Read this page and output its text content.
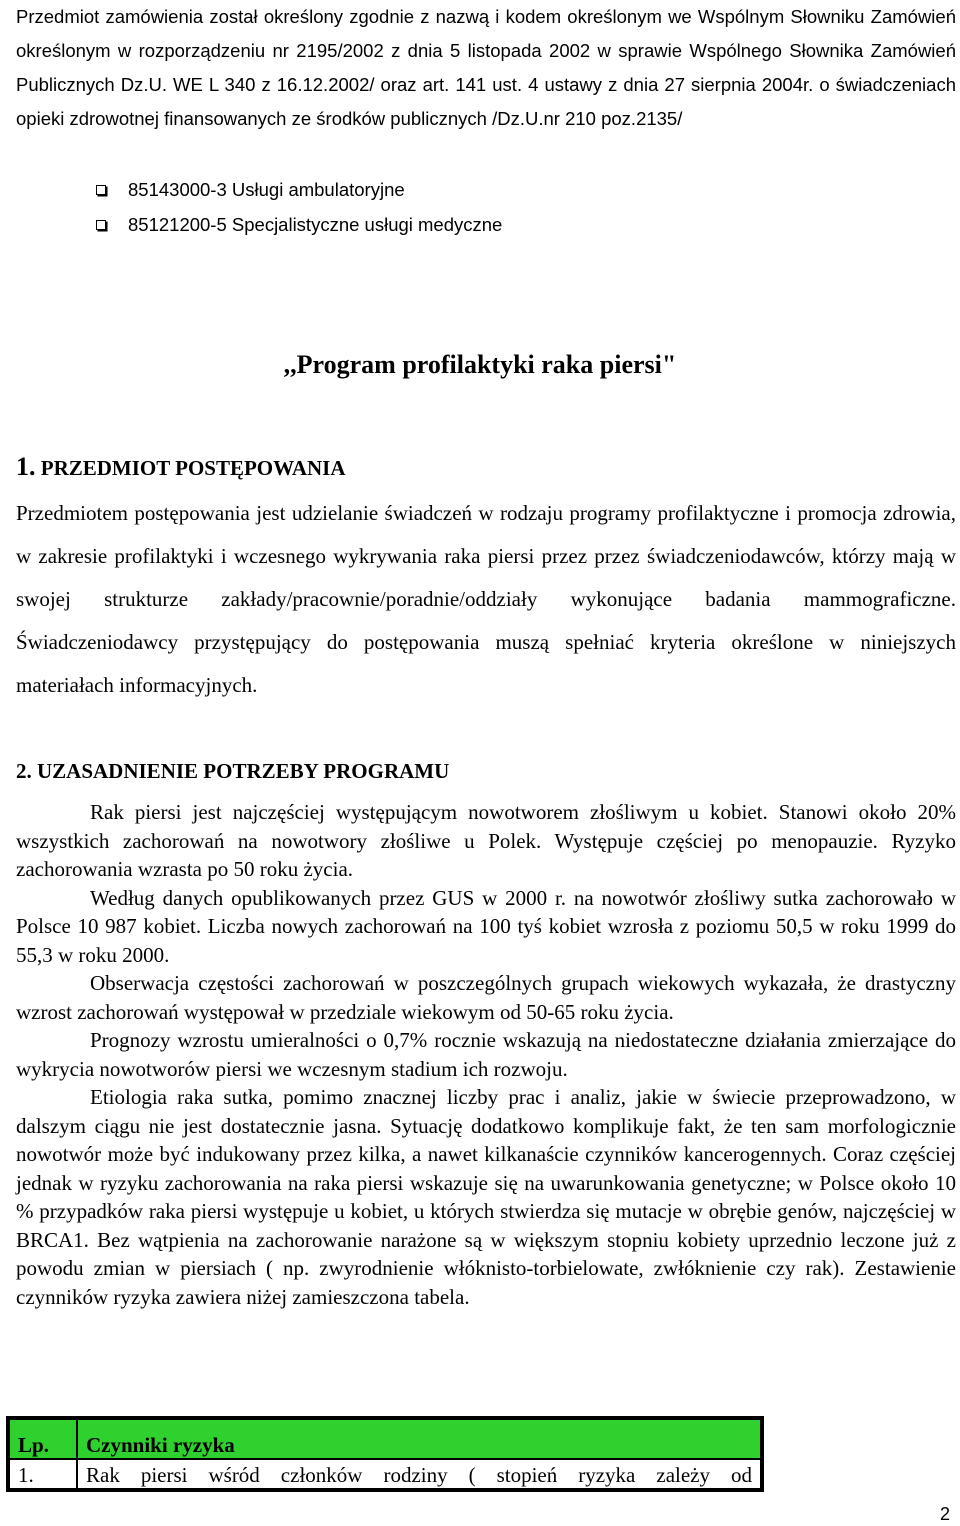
Przedmiot zamówienia został określony zgodnie z nazwą i kodem określonym we Wspólnym Słowniku Zamówień określonym w rozporządzeniu nr 2195/2002 z dnia 5 listopada 2002 w sprawie Wspólnego Słownika Zamówień Publicznych Dz.U. WE L 340 z 16.12.2002/ oraz art. 141 ust. 4 ustawy z dnia 27 sierpnia 2004r. o świadczeniach opieki zdrowotnej finansowanych ze środków publicznych /Dz.U.nr 210 poz.2135/

85143000-3 Usługi ambulatoryjne
85121200-5 Specjalistyczne usługi medyczne
,,Program profilaktyki raka piersi"
1. PRZEDMIOT POSTĘPOWANIA

Przedmiotem postępowania jest udzielanie świadczeń w rodzaju programy profilaktyczne i promocja zdrowia, w zakresie profilaktyki i wczesnego wykrywania raka piersi przez przez świadczeniodawców, którzy mają w swojej strukturze zakłady/pracownie/poradnie/oddziały wykonujące badania mammograficzne. Świadczeniodawcy przystępujący do postępowania muszą spełniać kryteria określone w niniejszych materiałach informacyjnych.

2. UZASADNIENIE POTRZEBY PROGRAMU

Rak piersi jest najczęściej występującym nowotworem złośliwym u kobiet. Stanowi około 20% wszystkich zachorowań na nowotwory złośliwe u Polek. Występuje częściej po menopauzie. Ryzyko zachorowania wzrasta po 50 roku życia.

Według danych opublikowanych przez GUS w 2000 r. na nowotwór złośliwy sutka zachorowało w Polsce 10 987 kobiet. Liczba nowych zachorowań na 100 tyś kobiet wzrosła z poziomu 50,5 w roku 1999 do 55,3 w roku 2000.

Obserwacja częstości zachorowań w poszczególnych grupach wiekowych wykazała, że drastyczny wzrost zachorowań występował w przedziale wiekowym od 50-65 roku życia.

Prognozy wzrostu umieralności o 0,7% rocznie wskazują na niedostateczne działania zmierzające do wykrycia nowotworów piersi we wczesnym stadium ich rozwoju.

Etiologia raka sutka, pomimo znacznej liczby prac i analiz, jakie w świecie przeprowadzono, w dalszym ciągu nie jest dostatecznie jasna. Sytuację dodatkowo komplikuje fakt, że ten sam morfologicznie nowotwór może być indukowany przez kilka, a nawet kilkanaście czynników kancerogennych. Coraz częściej jednak w ryzyku zachorowania na raka piersi wskazuje się na uwarunkowania genetyczne; w Polsce około 10 % przypadków raka piersi występuje u kobiet, u których stwierdza się mutacje w obrębie genów, najczęściej w BRCA1. Bez wątpienia na zachorowanie narażone są w większym stopniu kobiety uprzednio leczone już z powodu zmian w piersiach ( np. zwyrodnienie włóknisto-torbielowate, zwłóknienie czy rak). Zestawienie czynników ryzyka zawiera niżej zamieszczona tabela.

Lp.	Czynniki ryzyka
1.	Rak piersi wśród członków rodziny ( stopień ryzyka zależy od

2
